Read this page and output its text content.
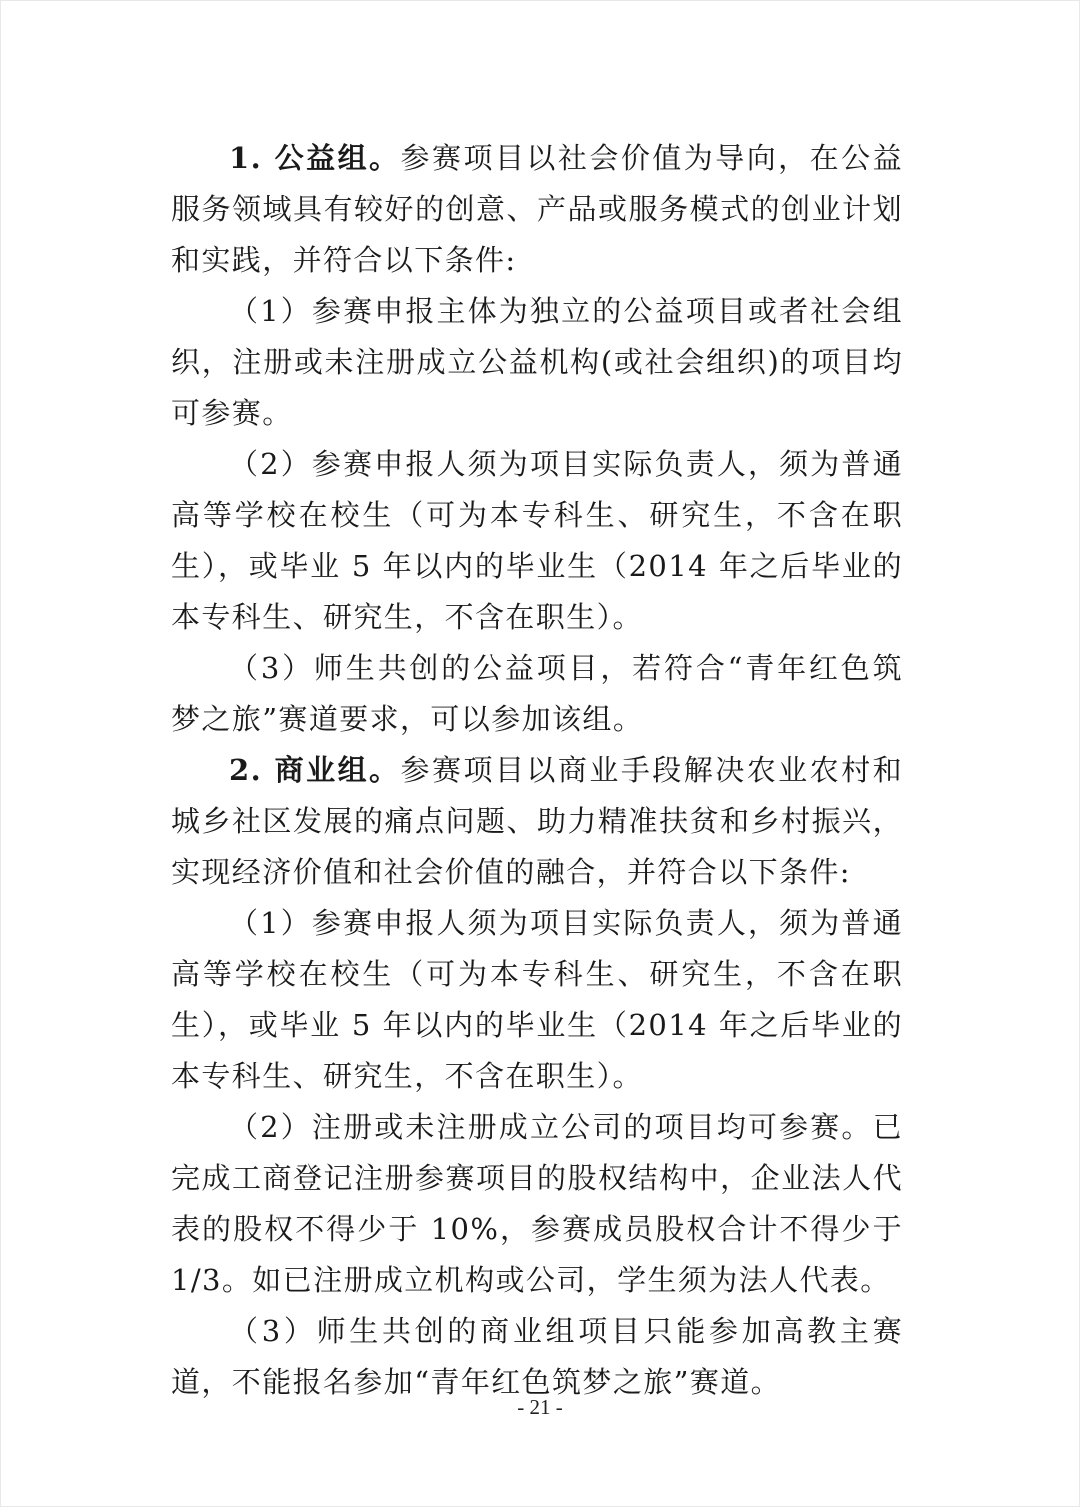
1. 公益组。参赛项目以社会价值为导向，在公益服务领域具有较好的创意、产品或服务模式的创业计划和实践，并符合以下条件:

（1）参赛申报主体为独立的公益项目或者社会组织，注册或未注册成立公益机构(或社会组织)的项目均可参赛。

（2）参赛申报人须为项目实际负责人，须为普通高等学校在校生（可为本专科生、研究生，不含在职生），或毕业 5 年以内的毕业生（2014 年之后毕业的本专科生、研究生，不含在职生）。

（3）师生共创的公益项目，若符合“青年红色筑梦之旅”赛道要求，可以参加该组。

2. 商业组。参赛项目以商业手段解决农业农村和城乡社区发展的痛点问题、助力精准扶贫和乡村振兴，实现经济价值和社会价值的融合，并符合以下条件:

（1）参赛申报人须为项目实际负责人，须为普通高等学校在校生（可为本专科生、研究生，不含在职生），或毕业 5 年以内的毕业生（2014 年之后毕业的本专科生、研究生，不含在职生）。

（2）注册或未注册成立公司的项目均可参赛。已完成工商登记注册参赛项目的股权结构中，企业法人代表的股权不得少于 10%，参赛成员股权合计不得少于 1/3。如已注册成立机构或公司，学生须为法人代表。

（3）师生共创的商业组项目只能参加高教主赛道，不能报名参加“青年红色筑梦之旅”赛道。

- 21 -
